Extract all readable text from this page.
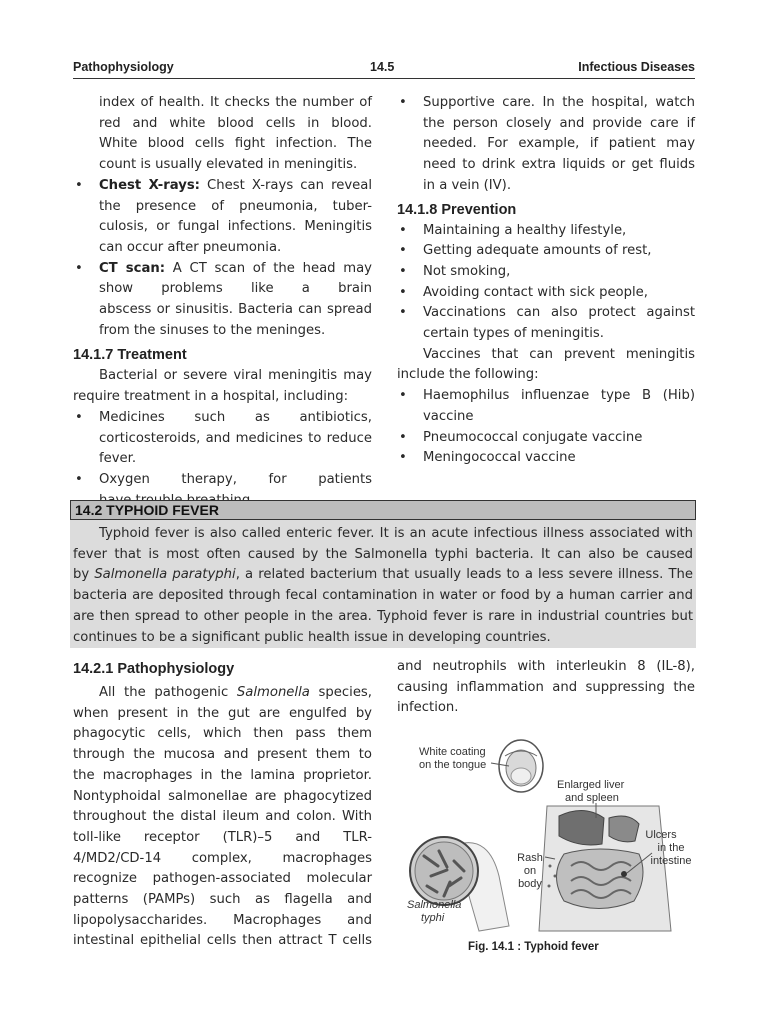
Pathophysiology	14.5	Infectious Diseases

index of health. It checks the number of

red and white blood cells in blood.

White blood cells fight infection. The

count is usually elevated in meningitis.

• Chest X-rays: Chest X-rays can reveal

the presence of pneumonia, tuber-

culosis, or fungal infections. Meningitis

can occur after pneumonia.

• CT scan: A CT scan of the head may

show problems like a brain

abscess or sinusitis. Bacteria can spread

from the sinuses to the meninges.

14.1.7 Treatment

Bacterial or severe viral meningitis may

require treatment in a hospital, including:

• Medicines such as antibiotics,

corticosteroids, and medicines to reduce

fever.

• Oxygen therapy, for patients

• Supportive care. In the hospital, watch

the person closely and provide care if

needed. For example, if patient may

need to drink extra liquids or get fluids

in a vein (IV).

14.1.8 Prevention

• Maintaining a healthy lifestyle,

• Getting adequate amounts of rest,

• Not smoking,

• Avoiding contact with sick people,

• Vaccinations can also protect against

certain types of meningitis.

Vaccines that can prevent meningitis

include the following:

• Haemophilus influenzae type B (Hib)

vaccine

• Pneumococcal conjugate vaccine

• Meningococcal vaccine

14.2 TYPHOID FEVER

Typhoid fever is also called enteric fever. It is an acute infectious illness associated with

fever that is most often caused by the Salmonella typhi bacteria. It can also be caused

by Salmonella paratyphi, a related bacterium that usually leads to a less severe illness. The

bacteria are deposited through fecal contamination in water or food by a human carrier and

are then spread to other people in the area. Typhoid fever is rare in industrial countries but

continues to be a significant public health issue in developing countries.

14.2.1 Pathophysiology

All the pathogenic Salmonella species,

when present in the gut are engulfed by

phagocytic cells, which then pass them

through the mucosa and present them to

the macrophages in the lamina proprietor.

Nontyphoidal salmonellae are phagocytized

throughout the distal ileum and colon. With

toll-like receptor (TLR)–5 and TLR-

4/MD2/CD-14 complex, macrophages

recognize pathogen-associated molecular

patterns (PAMPs) such as flagella and

lipopolysaccharides. Macrophages and

intestinal epithelial cells then attract T cells

and neutrophils with interleukin 8 (IL-8),

causing inflammation and suppressing the

infection.

White coating on the tongue
Enlarged liver and spleen
Ulcers in the intestine
Rash on body
Salmonella typhi
Fig. 14.1 : Typhoid fever
